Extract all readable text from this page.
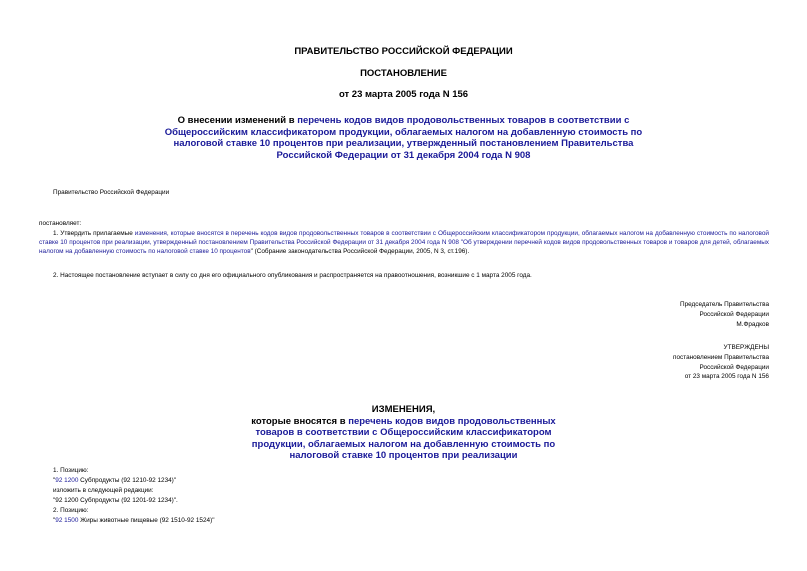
ПРАВИТЕЛЬСТВО РОССИЙСКОЙ ФЕДЕРАЦИИ
ПОСТАНОВЛЕНИЕ
от 23 марта 2005 года N 156
О внесении изменений в перечень кодов видов продовольственных товаров в соответствии с Общероссийским классификатором продукции, облагаемых налогом на добавленную стоимость по налоговой ставке 10 процентов при реализации, утвержденный постановлением Правительства Российской Федерации от 31 декабря 2004 года N 908
Правительство Российской Федерации
постановляет:
1. Утвердить прилагаемые изменения, которые вносятся в перечень кодов видов продовольственных товаров в соответствии с Общероссийским классификатором продукции, облагаемых налогом на добавленную стоимость по налоговой ставке 10 процентов при реализации, утвержденный постановлением Правительства Российской Федерации от 31 декабря 2004 года N 908 "Об утверждении перечней кодов видов продовольственных товаров и товаров для детей, облагаемых налогом на добавленную стоимость по налоговой ставке 10 процентов" (Собрание законодательства Российской Федерации, 2005, N 3, ст.196).
2. Настоящее постановление вступает в силу со дня его официального опубликования и распространяется на правоотношения, возникшие с 1 марта 2005 года.
Председатель Правительства
Российской Федерации
М.Фрадков
УТВЕРЖДЕНЫ
постановлением Правительства
Российской Федерации
от 23 марта 2005 года N 156
ИЗМЕНЕНИЯ,
которые вносятся в перечень кодов видов продовольственных товаров в соответствии с Общероссийским классификатором продукции, облагаемых налогом на добавленную стоимость по налоговой ставке 10 процентов при реализации
1. Позицию:
"92 1200 Субпродукты (92 1210-92 1234)"
изложить в следующей редакции:
"92 1200 Субпродукты (92 1201-92 1234)".
2. Позицию:
"92 1500 Жиры животные пищевые (92 1510-92 1524)"
